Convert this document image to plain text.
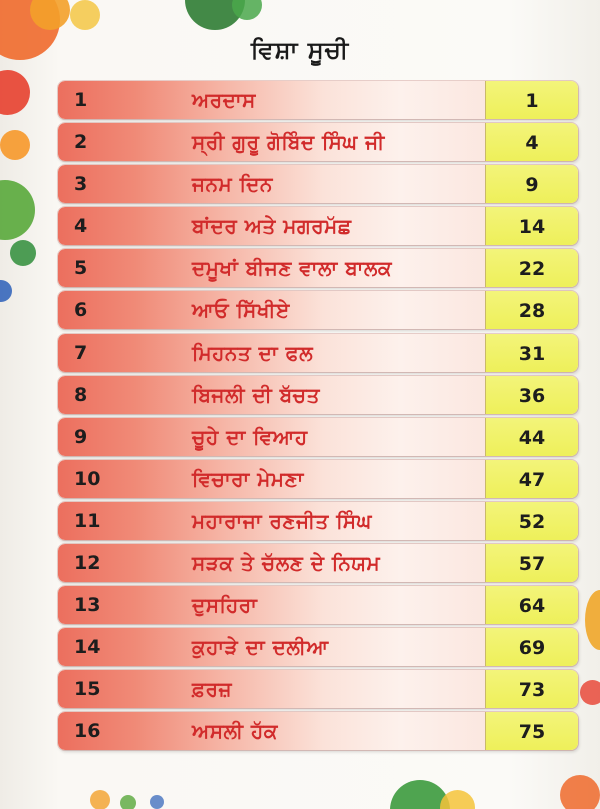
ਵਿਸ਼ਾ ਸੂਚੀ
1	ਅਰਦਾਸ	1
2	ਸ੍ਰੀ ਗੁਰੂ ਗੋਬਿੰਦ ਸਿੰਘ ਜੀ	4
3	ਜਨਮ ਦਿਨ	9
4	ਬਾਂਦਰ ਅਤੇ ਮਗਰਮੱਛ	14
5	ਦਮੂਖਾਂ ਬੀਜਣ ਵਾਲਾ ਬਾਲਕ	22
6	ਆਓ ਸਿੱਖੀਏ	28
7	ਮਿਹਨਤ ਦਾ ਫਲ	31
8	ਬਿਜਲੀ ਦੀ ਬੱਚਤ	36
9	ਚੂਹੇ ਦਾ ਵਿਆਹ	44
10	ਵਿਚਾਰਾ ਮੇਮਣਾ	47
11	ਮਹਾਰਾਜਾ ਰਣਜੀਤ ਸਿੰਘ	52
12	ਸੜਕ ਤੇ ਚੱਲਣ ਦੇ ਨਿਯਮ	57
13	ਦੁਸਹਿਰਾ	64
14	ਕੁਹਾੜੇ ਦਾ ਦਲੀਆ	69
15	ਫ਼ਰਜ਼	73
16	ਅਸਲੀ ਹੱਕ	75
